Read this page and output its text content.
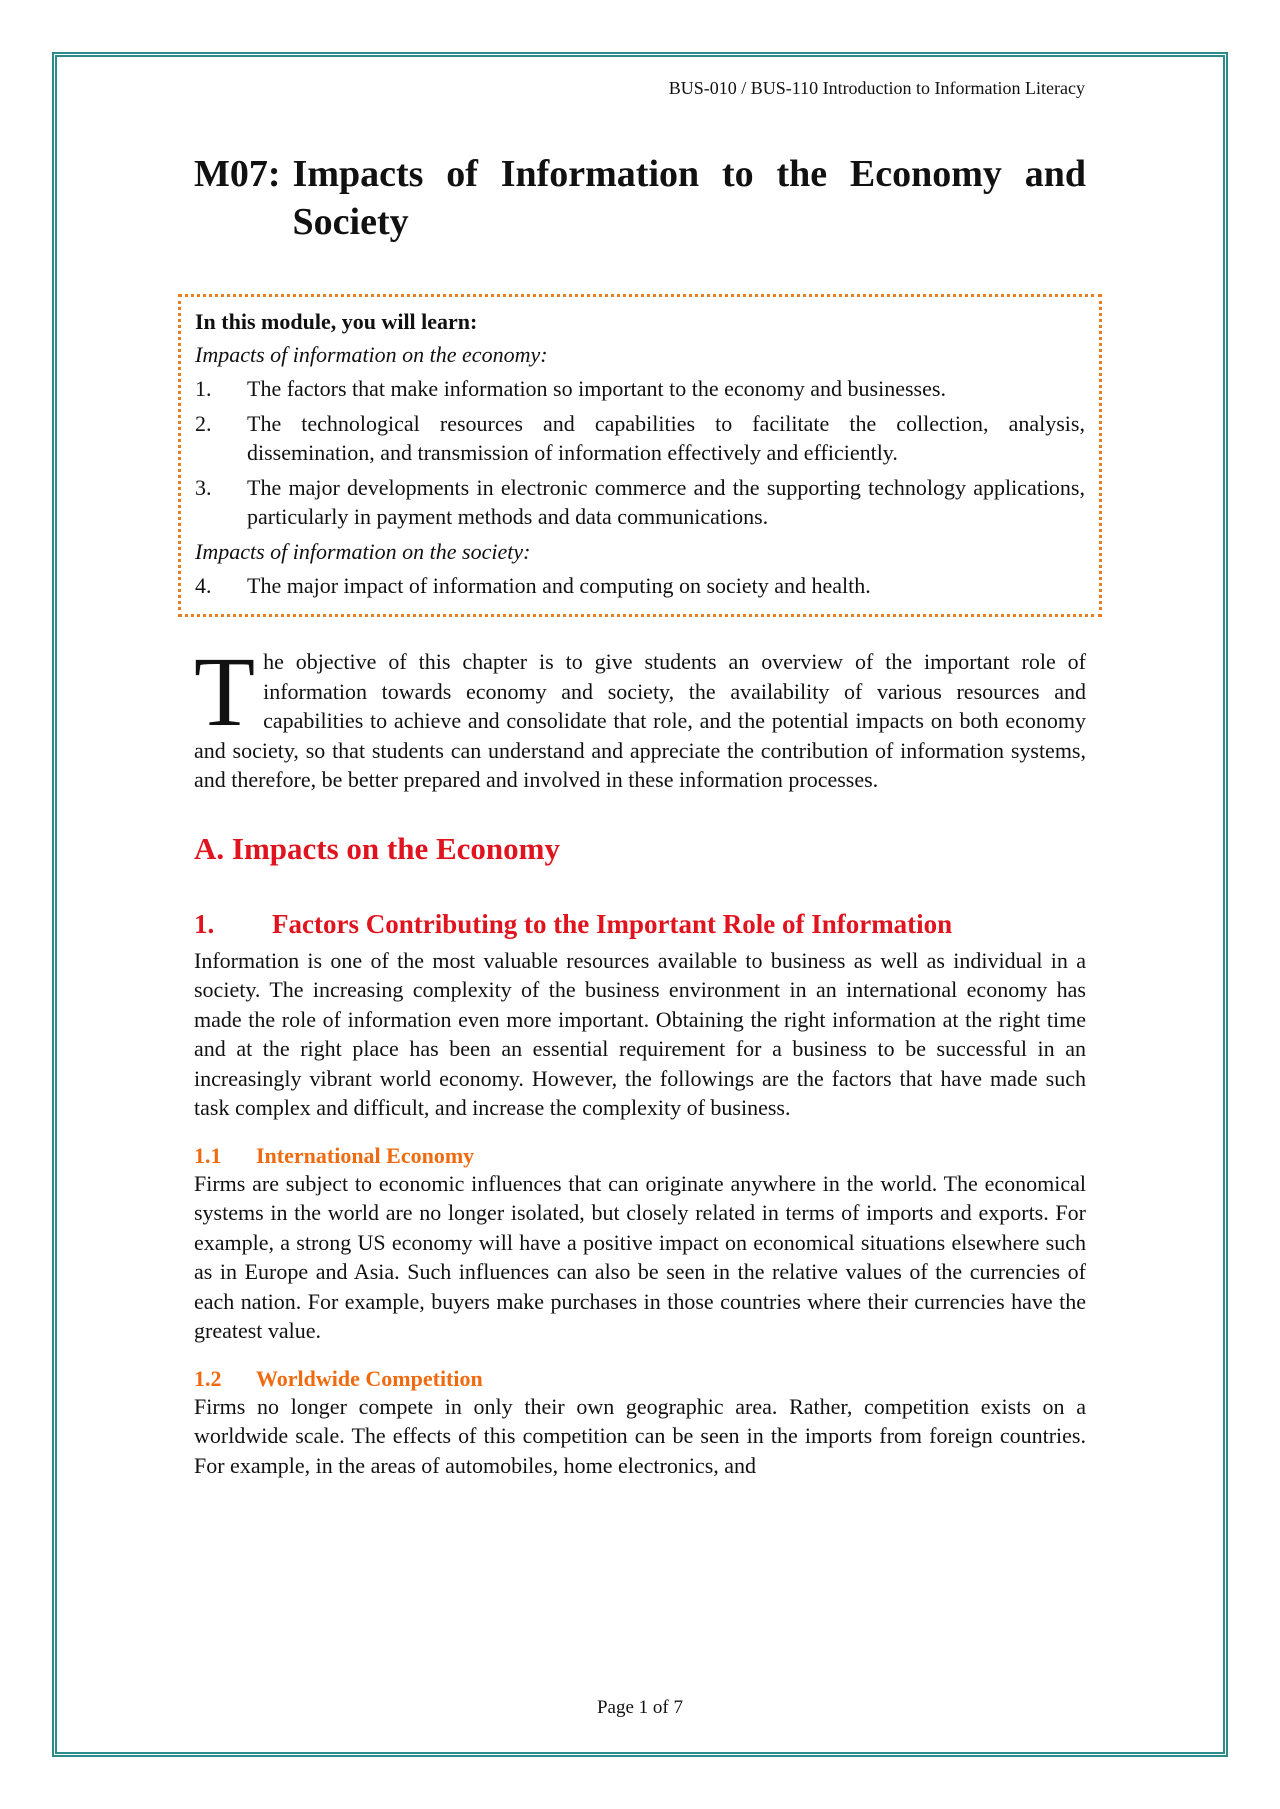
BUS-010 / BUS-110 Introduction to Information Literacy
M07: Impacts of Information to the Economy and Society
In this module, you will learn:
Impacts of information on the economy:
1.	The factors that make information so important to the economy and businesses.
2.	The technological resources and capabilities to facilitate the collection, analysis, dissemination, and transmission of information effectively and efficiently.
3.	The major developments in electronic commerce and the supporting technology applications, particularly in payment methods and data communications.
Impacts of information on the society:
4.	The major impact of information and computing on society and health.

The objective of this chapter is to give students an overview of the important role of information towards economy and society, the availability of various resources and capabilities to achieve and consolidate that role, and the potential impacts on both economy and society, so that students can understand and appreciate the contribution of information systems, and therefore, be better prepared and involved in these information processes.

A. Impacts on the Economy
1.	Factors Contributing to the Important Role of Information

Information is one of the most valuable resources available to business as well as individual in a society. The increasing complexity of the business environment in an international economy has made the role of information even more important. Obtaining the right information at the right time and at the right place has been an essential requirement for a business to be successful in an increasingly vibrant world economy. However, the followings are the factors that have made such task complex and difficult, and increase the complexity of business.

1.1	International Economy

Firms are subject to economic influences that can originate anywhere in the world. The economical systems in the world are no longer isolated, but closely related in terms of imports and exports. For example, a strong US economy will have a positive impact on economical situations elsewhere such as in Europe and Asia. Such influences can also be seen in the relative values of the currencies of each nation. For example, buyers make purchases in those countries where their currencies have the greatest value.

1.2	Worldwide Competition

Firms no longer compete in only their own geographic area. Rather, competition exists on a worldwide scale. The effects of this competition can be seen in the imports from foreign countries. For example, in the areas of automobiles, home electronics, and

Page 1 of 7
